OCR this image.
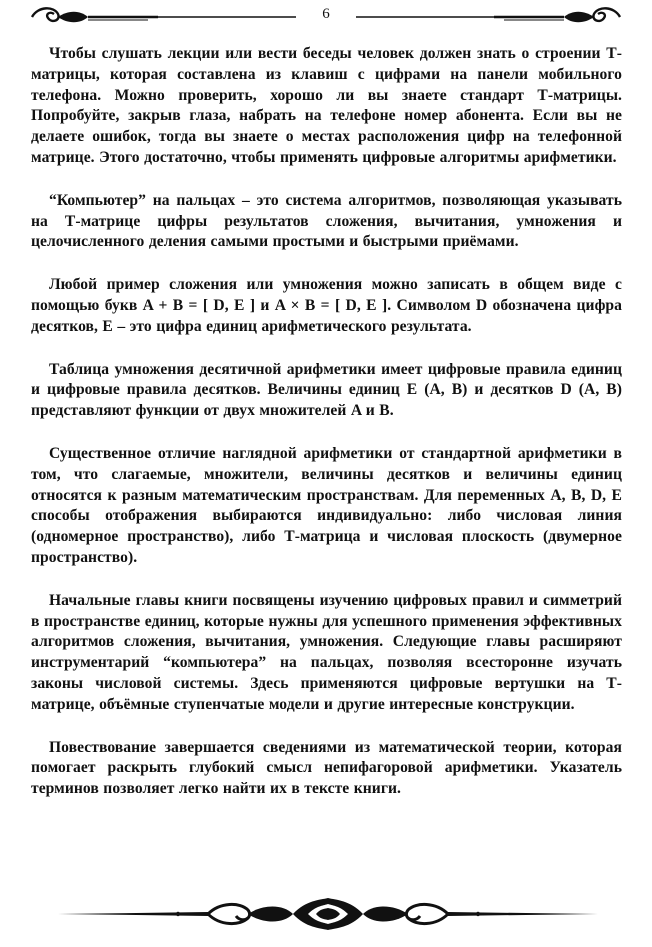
6

Чтобы слушать лекции или вести беседы человек должен знать о строении Т-матрицы, которая составлена из клавиш с цифрами на панели мобильного телефона. Можно проверить, хорошо ли вы знаете стандарт Т-матрицы. Попробуйте, закрыв глаза, набрать на телефоне номер абонента. Если вы не делаете ошибок, тогда вы знаете о местах расположения цифр на телефонной матрице. Этого достаточно, чтобы применять цифровые алгоритмы арифметики.

“Компьютер” на пальцах – это система алгоритмов, позволяющая указывать на Т-матрице цифры результатов сложения, вычитания, умножения и целочисленного деления самыми простыми и быстрыми приёмами.

Любой пример сложения или умножения можно записать в общем виде с помощью букв A + B = [ D, E ] и A × B = [ D, E ]. Символом D обозначена цифра десятков, E – это цифра единиц арифметического результата.

Таблица умножения десятичной арифметики имеет цифровые правила единиц и цифровые правила десятков. Величины единиц E (A, B) и десятков D (A, B) представляют функции от двух множителей A и B.

Существенное отличие наглядной арифметики от стандартной арифметики в том, что слагаемые, множители, величины десятков и величины единиц относятся к разным математическим пространствам. Для переменных A, B, D, E способы отображения выбираются индивидуально: либо числовая линия (одномерное пространство), либо Т-матрица и числовая плоскость (двумерное пространство).

Начальные главы книги посвящены изучению цифровых правил и симметрий в пространстве единиц, которые нужны для успешного применения эффективных алгоритмов сложения, вычитания, умножения. Следующие главы расширяют инструментарий “компьютера” на пальцах, позволяя всесторонне изучать законы числовой системы. Здесь применяются цифровые вертушки на Т-матрице, объёмные ступенчатые модели и другие интересные конструкции.

Повествование завершается сведениями из математической теории, которая помогает раскрыть глубокий смысл непифагоровой арифметики. Указатель терминов позволяет легко найти их в тексте книги.
